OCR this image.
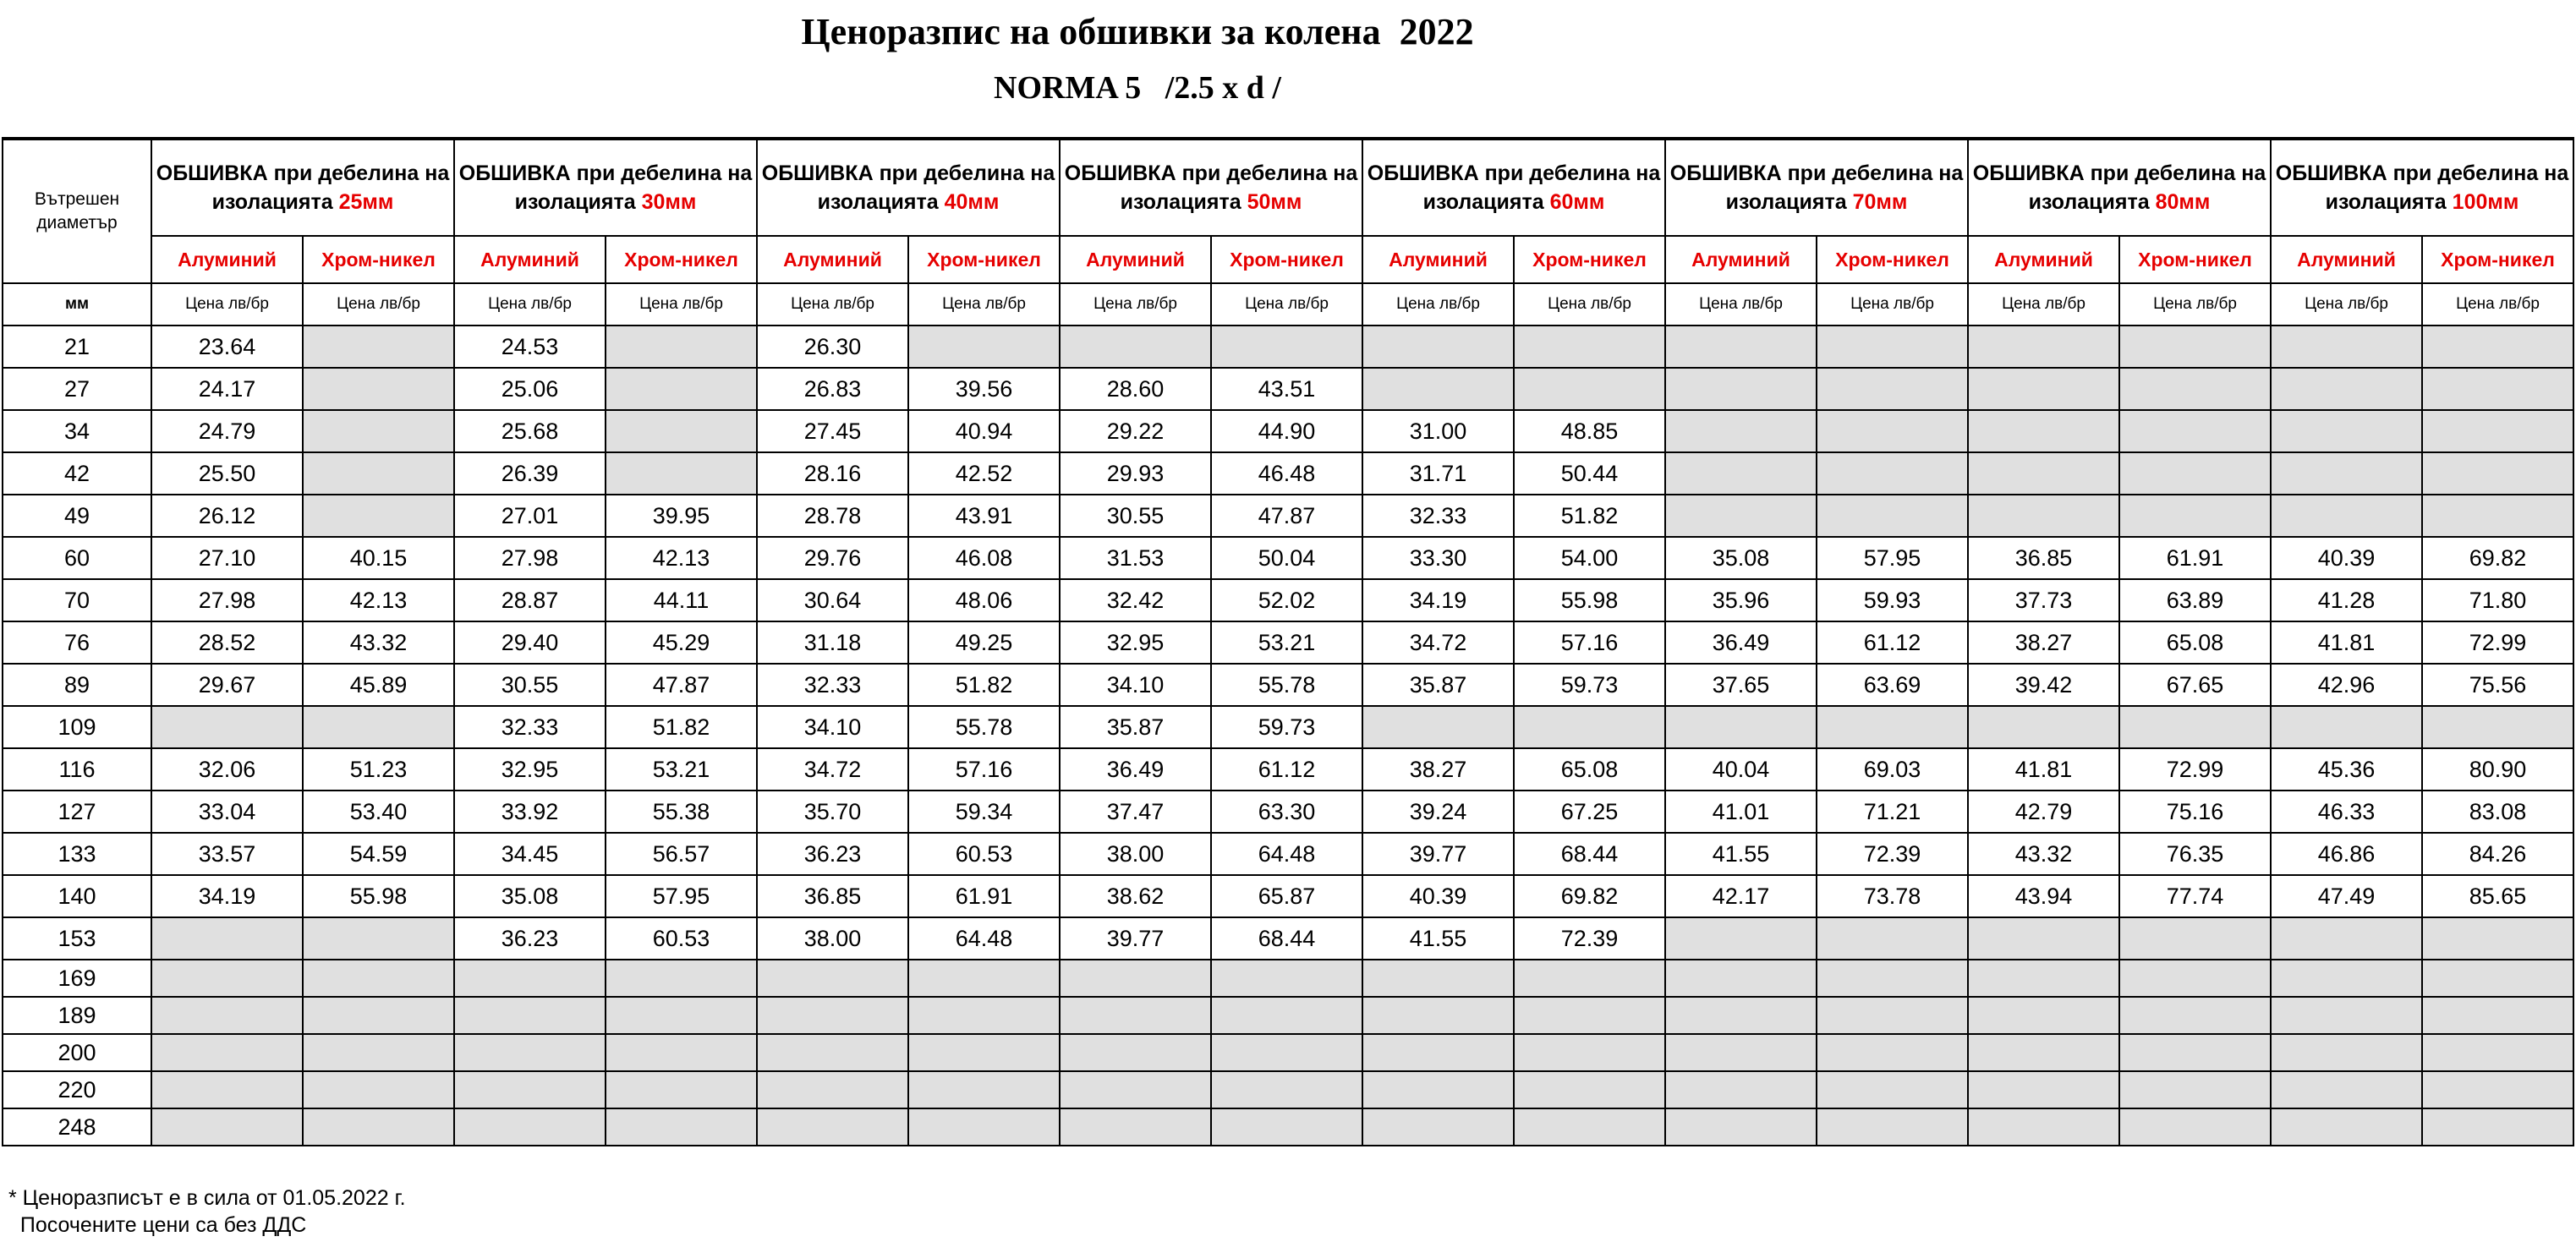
Ценоразпис на обшивки за колена  2022
NORMA 5   /2.5 x d /
Вътрешен диаметър	ОБШИВКА при дебелина на изолацията 25мм		ОБШИВКА при дебелина на изолацията 30мм		ОБШИВКА при дебелина на изолацията 40мм		ОБШИВКА при дебелина на изолацията 50мм		ОБШИВКА при дебелина на изолацията 60мм		ОБШИВКА при дебелина на изолацията 70мм		ОБШИВКА при дебелина на изолацията 80мм		ОБШИВКА при дебелина на изолацията 100мм	
	Алуминий	Хром-никел	Алуминий	Хром-никел	Алуминий	Хром-никел	Алуминий	Хром-никел	Алуминий	Хром-никел	Алуминий	Хром-никел	Алуминий	Хром-никел	Алуминий	Хром-никел
мм	Цена лв/бр	Цена лв/бр	Цена лв/бр	Цена лв/бр	Цена лв/бр	Цена лв/бр	Цена лв/бр	Цена лв/бр	Цена лв/бр	Цена лв/бр	Цена лв/бр	Цена лв/бр	Цена лв/бр	Цена лв/бр	Цена лв/бр	Цена лв/бр
21	23.64		24.53		26.30											
27	24.17		25.06		26.83	39.56	28.60	43.51								
34	24.79		25.68		27.45	40.94	29.22	44.90	31.00	48.85						
42	25.50		26.39		28.16	42.52	29.93	46.48	31.71	50.44						
49	26.12		27.01	39.95	28.78	43.91	30.55	47.87	32.33	51.82						
60	27.10	40.15	27.98	42.13	29.76	46.08	31.53	50.04	33.30	54.00	35.08	57.95	36.85	61.91	40.39	69.82
70	27.98	42.13	28.87	44.11	30.64	48.06	32.42	52.02	34.19	55.98	35.96	59.93	37.73	63.89	41.28	71.80
76	28.52	43.32	29.40	45.29	31.18	49.25	32.95	53.21	34.72	57.16	36.49	61.12	38.27	65.08	41.81	72.99
89	29.67	45.89	30.55	47.87	32.33	51.82	34.10	55.78	35.87	59.73	37.65	63.69	39.42	67.65	42.96	75.56
109			32.33	51.82	34.10	55.78	35.87	59.73								
116	32.06	51.23	32.95	53.21	34.72	57.16	36.49	61.12	38.27	65.08	40.04	69.03	41.81	72.99	45.36	80.90
127	33.04	53.40	33.92	55.38	35.70	59.34	37.47	63.30	39.24	67.25	41.01	71.21	42.79	75.16	46.33	83.08
133	33.57	54.59	34.45	56.57	36.23	60.53	38.00	64.48	39.77	68.44	41.55	72.39	43.32	76.35	46.86	84.26
140	34.19	55.98	35.08	57.95	36.85	61.91	38.62	65.87	40.39	69.82	42.17	73.78	43.94	77.74	47.49	85.65
153			36.23	60.53	38.00	64.48	39.77	68.44	41.55	72.39						
169																
189																
200																
220																
248																
* Ценоразписът е в сила от 01.05.2022 г.
Посочените цени са без ДДС
